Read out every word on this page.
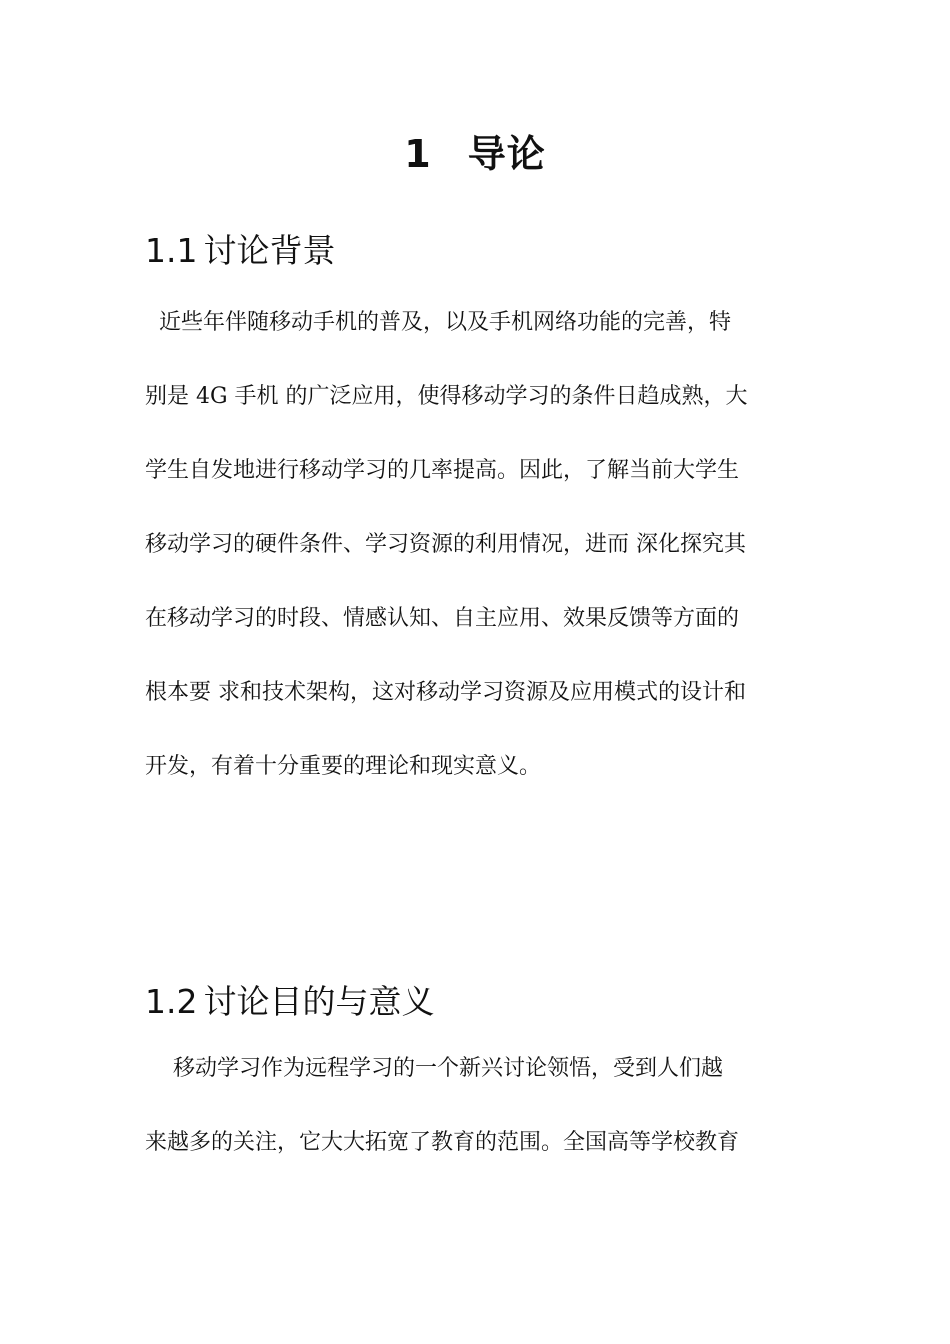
1 导论
1.1 讨论背景
近些年伴随移动手机的普及，以及手机网络功能的完善，特
别是 4G 手机 的广泛应用，使得移动学习的条件日趋成熟，大
学生自发地进行移动学习的几率提高。因此，了解当前大学生
移动学习的硬件条件、学习资源的利用情况，进而 深化探究其
在移动学习的时段、情感认知、自主应用、效果反馈等方面的
根本要 求和技术架构，这对移动学习资源及应用模式的设计和
开发，有着十分重要的理论和现实意义。
1.2 讨论目的与意义
移动学习作为远程学习的一个新兴讨论领悟，受到人们越
来越多的关注，它大大拓宽了教育的范围。全国高等学校教育
